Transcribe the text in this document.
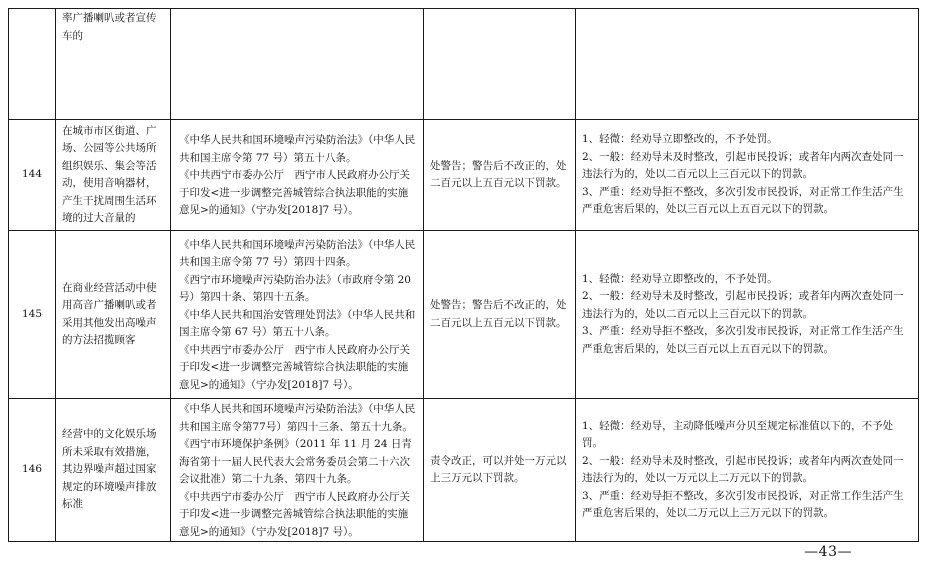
	率广播喇叭或者宣传车的			
144	在城市市区街道、广场、公园等公共场所组织娱乐、集会等活动，使用音响器材，产生干扰周围生活环境的过大音量的	《中华人民共和国环境噪声污染防治法》（中华人民共和国主席令第 77 号）第五十八条。
《中共西宁市委办公厅　西宁市人民政府办公厅关于印发<进一步调整完善城管综合执法职能的实施意见>的通知》（宁办发[2018]7 号）。	处警告；警告后不改正的，处二百元以上五百元以下罚款。	1、轻微：经劝导立即整改的，不予处罚。
2、一般：经劝导未及时整改，引起市民投诉；或者年内两次查处同一违法行为的，处以二百元以上三百元以下的罚款。
3、严重：经劝导拒不整改，多次引发市民投诉，对正常工作生活产生严重危害后果的，处以三百元以上五百元以下的罚款。

145	在商业经营活动中使用高音广播喇叭或者采用其他发出高噪声的方法招揽顾客	《中华人民共和国环境噪声污染防治法》（中华人民共和国主席令第 77 号）第四十四条。
《西宁市环境噪声污染防治办法》（市政府令第 20 号）第四十条、第四十五条。
《中华人民共和国治安管理处罚法》（中华人民共和国主席令第 67 号）第五十八条。
《中共西宁市委办公厅　西宁市人民政府办公厅关于印发<进一步调整完善城管综合执法职能的实施意见>的通知》（宁办发[2018]7 号）。	处警告；警告后不改正的，处二百元以上五百元以下罚款。	1、轻微：经劝导立即整改的，不予处罚。
2、一般：经劝导未及时整改，引起市民投诉；或者年内两次查处同一违法行为的，处以二百元以上三百元以下的罚款。
3、严重：经劝导拒不整改，多次引发市民投诉，对正常工作生活产生严重危害后果的，处以三百元以上五百元以下的罚款。

146	经营中的文化娱乐场所未采取有效措施，其边界噪声超过国家规定的环境噪声排放标准	《中华人民共和国环境噪声污染防治法》（中华人民共和国主席令第77号）第四十三条、第五十九条。
《西宁市环境保护条例》（2011 年 11 月 24 日青海省第十一届人民代表大会常务委员会第二十六次会议批准）第二十九条、第四十九条。
《中共西宁市委办公厅　西宁市人民政府办公厅关于印发<进一步调整完善城管综合执法职能的实施意见>的通知》（宁办发[2018]7 号）。	责令改正，可以并处一万元以上三万元以下罚款。	1、轻微：经劝导，主动降低噪声分贝至规定标准值以下的，不予处罚。
2、一般：经劝导未及时整改，引起市民投诉；或者年内两次查处同一违法行为的，处以一万元以上二万元以下的罚款。
3、严重：经劝导拒不整改，多次引发市民投诉，对正常工作生活产生严重危害后果的，处以二万元以上三万元以下的罚款。
—43—
